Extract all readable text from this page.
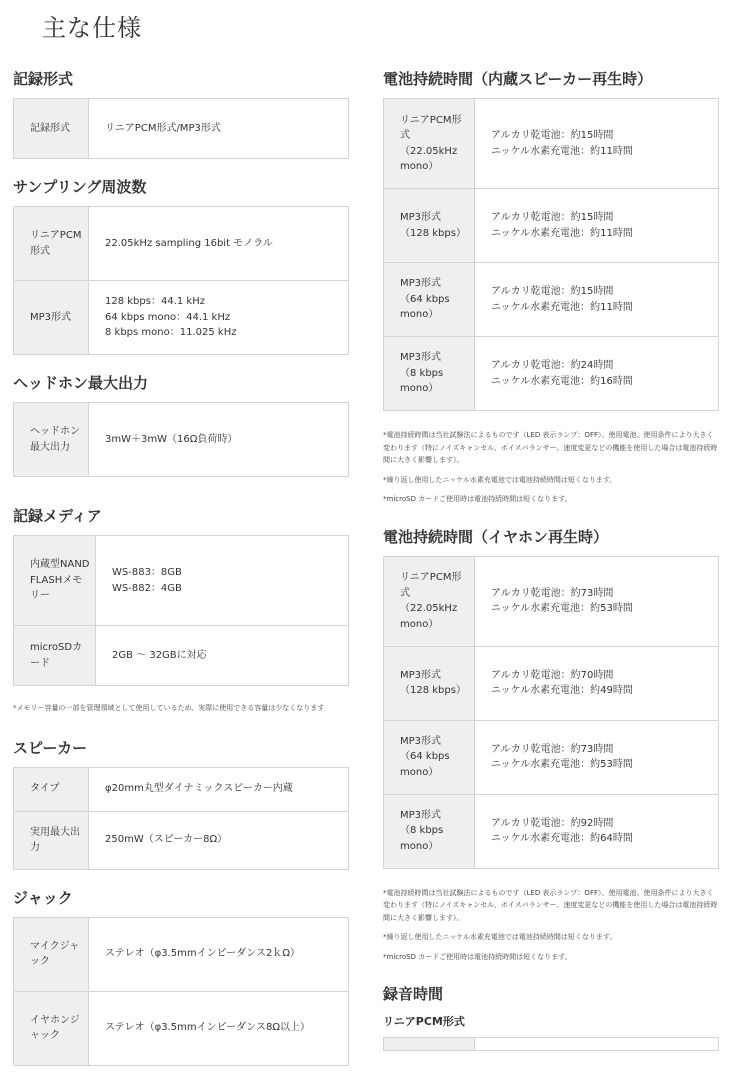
主な仕様
記録形式
記録形式	リニアPCM形式/MP3形式
サンプリング周波数
リニアPCM形式	22.05kHz sampling 16bit モノラル
MP3形式	128 kbps：44.1 kHz
64 kbps mono：44.1 kHz
8 kbps mono：11.025 kHz
ヘッドホン最大出力
ヘッドホン最大出力	3mW＋3mW（16Ω負荷時）
記録メディア
内蔵型NAND FLASHメモリー	WS-883：8GB
WS-882：4GB
microSDカード	2GB ～ 32GBに対応

*メモリー容量の一部を管理領域として使用しているため、実際に使用できる容量は少なくなります

スピーカー
タイプ	φ20mm丸型ダイナミックスピーカー内蔵
実用最大出力	250mW（スピーカー8Ω）
ジャック
マイクジャック	ステレオ（φ3.5mmインピーダンス2ｋΩ）
イヤホンジャック	ステレオ（φ3.5mmインピーダンス8Ω以上）
電池持続時間（内蔵スピーカー再生時）
リニアPCM形式
（22.05kHz mono）	アルカリ乾電池：約15時間
ニッケル水素充電池：約11時間
MP3形式
（128 kbps）	アルカリ乾電池：約15時間
ニッケル水素充電池：約11時間
MP3形式
（64 kbps mono）	アルカリ乾電池：約15時間
ニッケル水素充電池：約11時間
MP3形式
（8 kbps mono）	アルカリ乾電池：約24時間
ニッケル水素充電池：約16時間

*電池持続時間は当社試験法によるものです（LED 表示ランプ：OFF）。使用電池、使用条件により大きく変わります（特にノイズキャンセル、ボイスバランサー、速度変更などの機能を使用した場合は電池持続時間に大きく影響します）。

*繰り返し使用したニッケル水素充電池では電池持続時間は短くなります。

*microSD カードご使用時は電池持続時間は短くなります。

電池持続時間（イヤホン再生時）
リニアPCM形式
（22.05kHz mono）	アルカリ乾電池：約73時間
ニッケル水素充電池：約53時間
MP3形式
（128 kbps）	アルカリ乾電池：約70時間
ニッケル水素充電池：約49時間
MP3形式
（64 kbps mono）	アルカリ乾電池：約73時間
ニッケル水素充電池：約53時間
MP3形式
（8 kbps mono）	アルカリ乾電池：約92時間
ニッケル水素充電池：約64時間

*電池持続時間は当社試験法によるものです（LED 表示ランプ：OFF）。使用電池、使用条件により大きく変わります（特にノイズキャンセル、ボイスバランサー、速度変更などの機能を使用した場合は電池持続時間に大きく影響します）。

*繰り返し使用したニッケル水素充電池では電池持続時間は短くなります。

*microSD カードご使用時は電池持続時間は短くなります。

録音時間
リニアPCM形式
